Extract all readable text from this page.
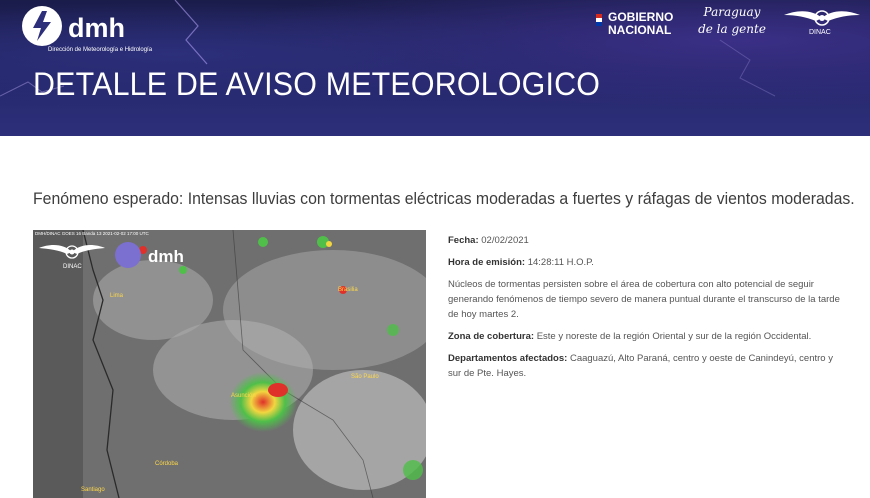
dmh
Dirección de Meteorología e Hidrología
GOBIERNO
NACIONAL
Paraguay
de la gente	DINAC
DETALLE DE AVISO METEOROLOGICO
Fenómeno esperado: Intensas lluvias con tormentas eléctricas moderadas a fuertes y ráfagas de vientos moderadas.
DMH/DINAC GOES 16 Banda 13 2021-02-02 17:00 UTC
DINAC
dmh
Lima
Brasilia
Asunción
São Paulo
Córdoba
Santiago

Fecha: 02/02/2021

Hora de emisión: 14:28:11 H.O.P.

Núcleos de tormentas persisten sobre el área de cobertura con alto potencial de seguir generando fenómenos de tiempo severo de manera puntual durante el transcurso de la tarde de hoy martes 2.

Zona de cobertura: Este y noreste de la región Oriental y sur de la región Occidental.

Departamentos afectados: Caaguazú, Alto Paraná, centro y oeste de Canindeyú, centro y sur de Pte. Hayes.
